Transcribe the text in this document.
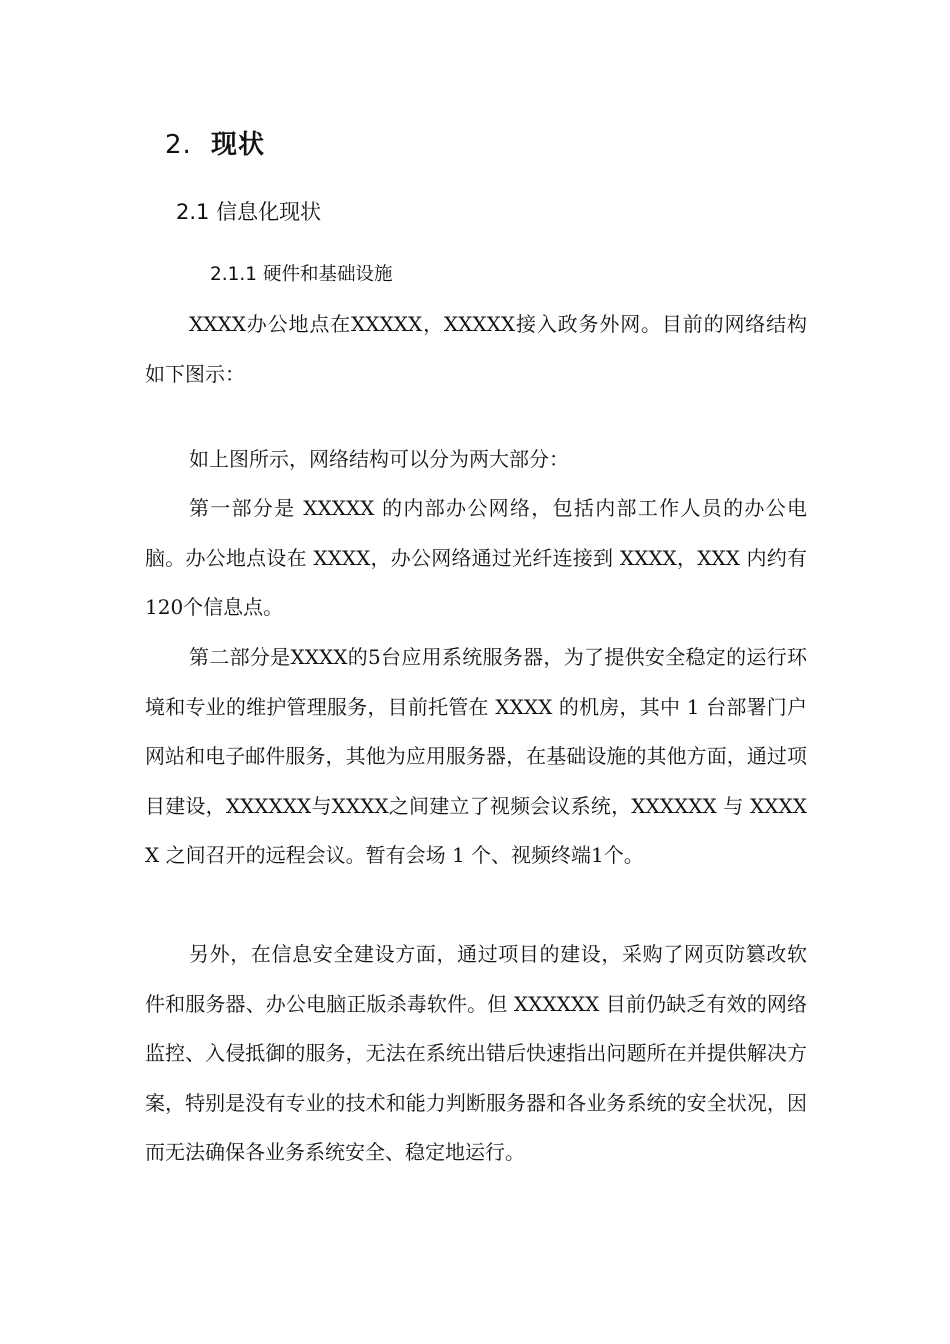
2. 现状
2.1 信息化现状
2.1.1 硬件和基础设施

XXXX办公地点在XXXXX，XXXXX接入政务外网。目前的网络结构如下图示：

如上图所示，网络结构可以分为两大部分：

第一部分是 XXXXX 的内部办公网络，包括内部工作人员的办公电脑。办公地点设在 XXXX，办公网络通过光纤连接到 XXXX，XXX 内约有120个信息点。

第二部分是XXXX的5台应用系统服务器，为了提供安全稳定的运行环境和专业的维护管理服务，目前托管在 XXXX 的机房，其中 1 台部署门户网站和电子邮件服务，其他为应用服务器，在基础设施的其他方面，通过项目建设，XXXXXX与XXXX之间建立了视频会议系统，XXXXXX 与 XXXXX 之间召开的远程会议。暂有会场 1 个、视频终端1个。

另外，在信息安全建设方面，通过项目的建设，采购了网页防篡改软件和服务器、办公电脑正版杀毒软件。但 XXXXXX 目前仍缺乏有效的网络监控、入侵抵御的服务，无法在系统出错后快速指出问题所在并提供解决方案，特别是没有专业的技术和能力判断服务器和各业务系统的安全状况，因而无法确保各业务系统安全、稳定地运行。
